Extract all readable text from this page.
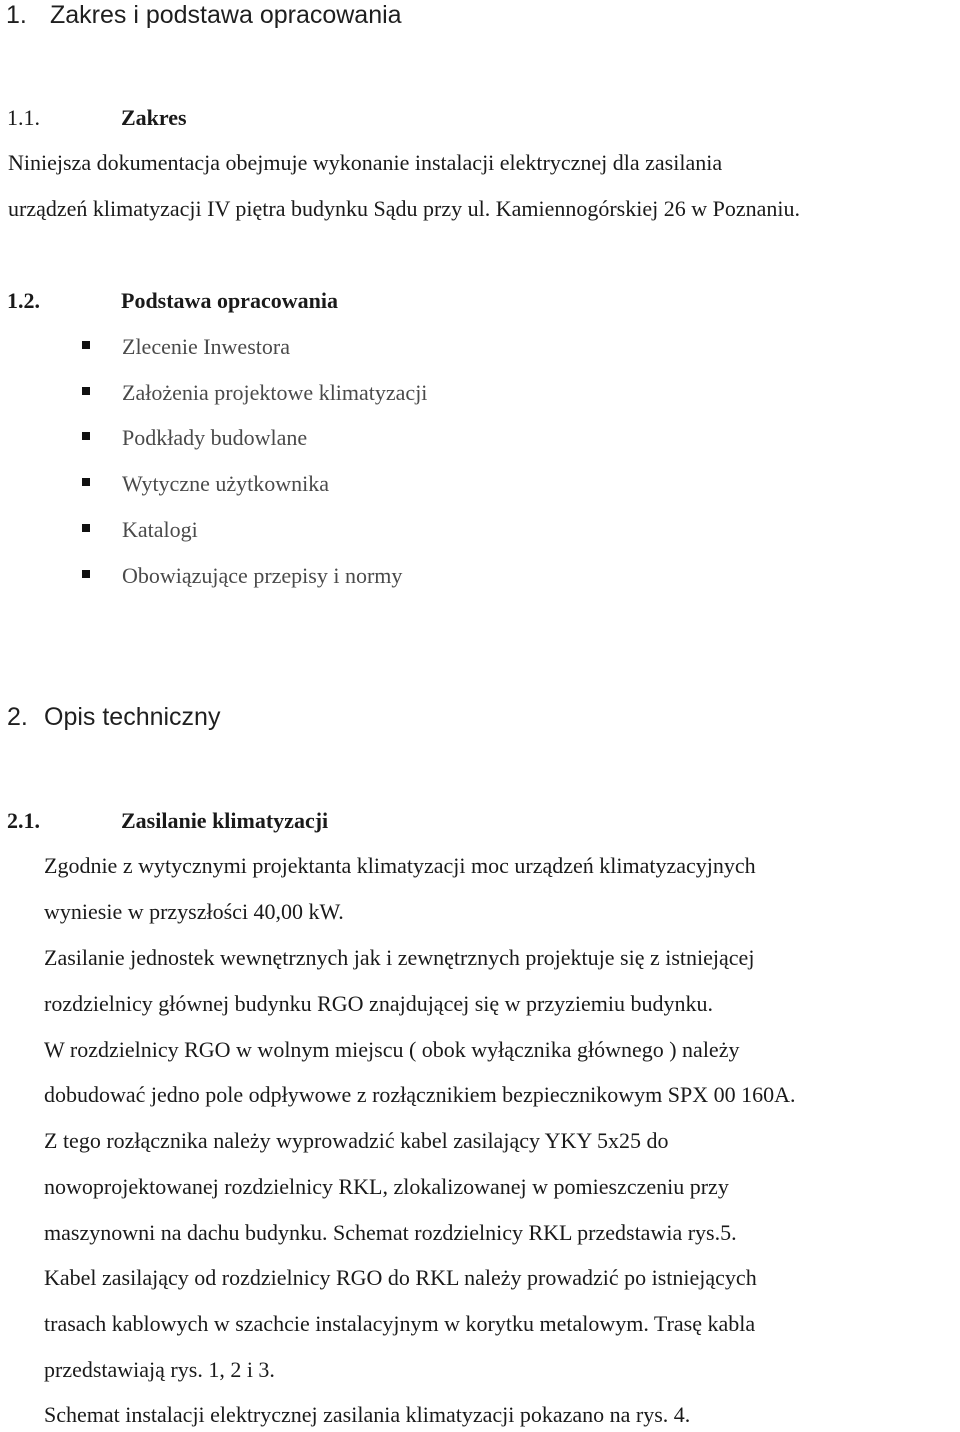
1. Zakres i podstawa opracowania
1.1.	Zakres
Niniejsza dokumentacja obejmuje wykonanie instalacji elektrycznej dla zasilania
urządzeń klimatyzacji IV piętra budynku Sądu przy ul. Kamiennogórskiej 26 w Poznaniu.
1.2.	Podstawa opracowania
Zlecenie Inwestora
Założenia projektowe klimatyzacji
Podkłady budowlane
Wytyczne użytkownika
Katalogi
Obowiązujące przepisy i normy
2. Opis techniczny
2.1.	Zasilanie klimatyzacji
Zgodnie z wytycznymi projektanta klimatyzacji moc urządzeń klimatyzacyjnych
wyniesie w przyszłości 40,00 kW.
Zasilanie jednostek wewnętrznych jak i zewnętrznych projektuje się z istniejącej
rozdzielnicy głównej budynku RGO znajdującej się w przyziemiu budynku.
W rozdzielnicy RGO w wolnym miejscu ( obok wyłącznika głównego ) należy
dobudować jedno pole odpływowe z rozłącznikiem bezpiecznikowym SPX 00 160A.
Z tego rozłącznika należy wyprowadzić kabel zasilający YKY 5x25 do
nowoprojektowanej rozdzielnicy RKL, zlokalizowanej w pomieszczeniu przy
maszynowni na dachu budynku. Schemat rozdzielnicy RKL przedstawia rys.5.
Kabel zasilający od rozdzielnicy RGO do RKL należy prowadzić po istniejących
trasach kablowych w szachcie instalacyjnym w korytku metalowym. Trasę kabla
przedstawiają rys. 1, 2 i 3.
Schemat instalacji elektrycznej zasilania klimatyzacji pokazano na rys. 4.
